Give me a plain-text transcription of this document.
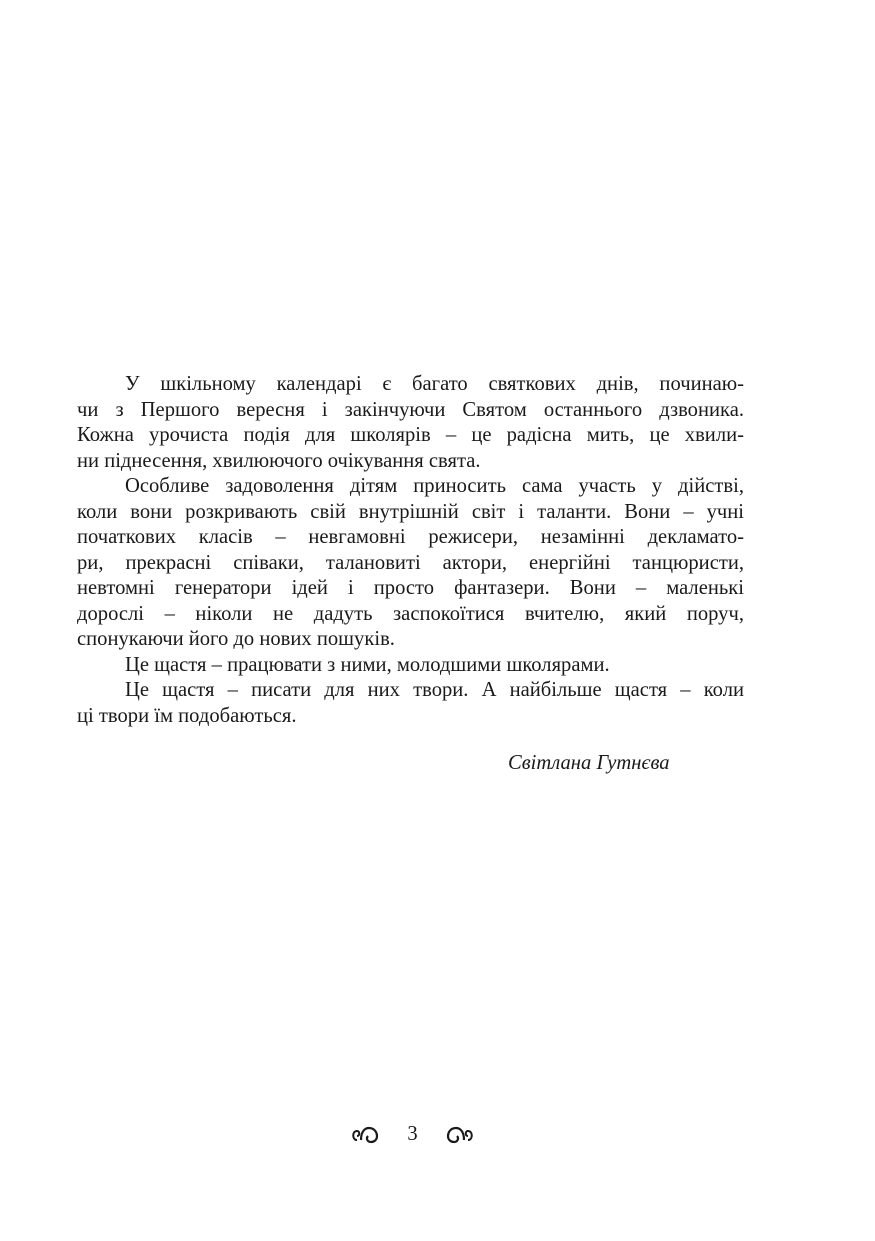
У шкільному календарі є багато святкових днів, починаю-
чи з Першого вересня і закінчуючи Святом останнього дзвоника.
Кожна урочиста подія для школярів – це радісна мить, це хвили-
ни піднесення, хвилюючого очікування свята.
Особливе задоволення дітям приносить сама участь у дійстві,
коли вони розкривають свій внутрішній світ і таланти. Вони – учні
початкових класів – невгамовні режисери, незамінні декламато-
ри, прекрасні співаки, талановиті актори, енергійні танцюристи,
невтомні генератори ідей і просто фантазери. Вони – маленькі
дорослі – ніколи не дадуть заспокоїтися вчителю, який поруч,
спонукаючи його до нових пошуків.
Це щастя – працювати з ними, молодшими школярами.
Це щастя – писати для них твори. А найбільше щастя – коли
ці твори їм подобаються.
Світлана Гутнєва
3
